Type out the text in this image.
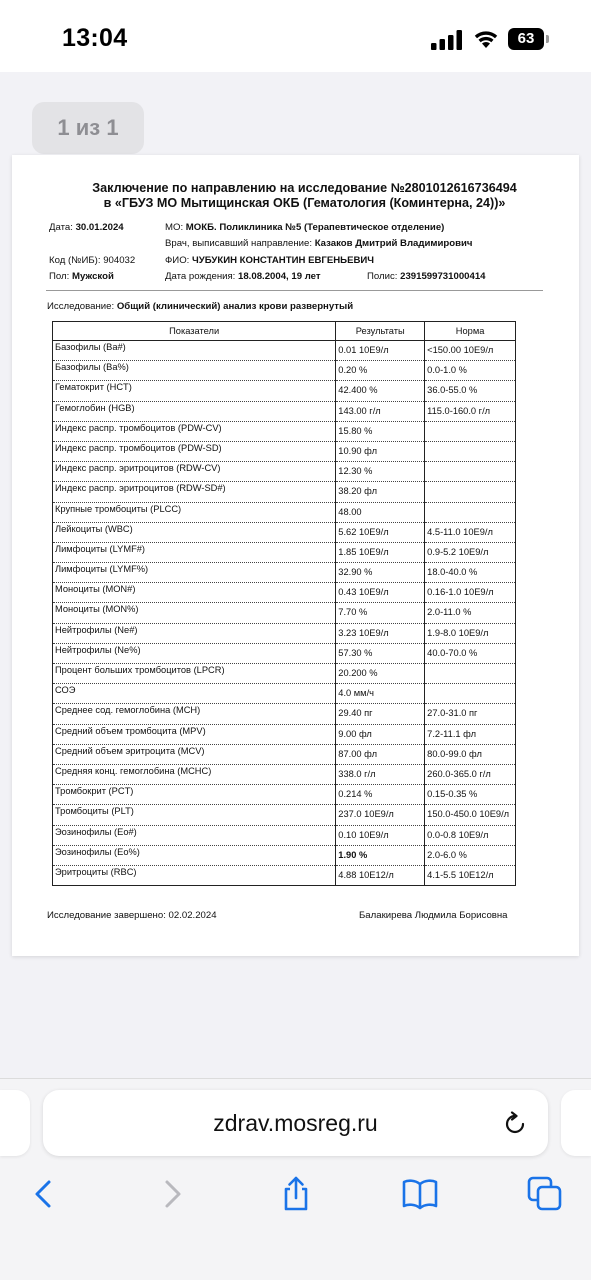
13:04	63
1 из 1
Заключение по направлению на исследование №2801012616736494
в «ГБУЗ МО Мытищинская ОКБ (Гематология (Коминтерна, 24))»
Дата: 30.01.2024	МО: МОКБ. Поликлиника №5 (Терапевтическое отделение)
Врач, выписавший направление: Казаков Дмитрий Владимирович
Код (№ИБ): 904032	ФИО: ЧУБУКИН КОНСТАНТИН ЕВГЕНЬЕВИЧ
Пол: Мужской	Дата рождения: 18.08.2004, 19 лет	Полис: 2391599731000414
Исследование: Общий (клинический) анализ крови развернутый
Показатели	Результаты	Норма
Базофилы (Ba#)	0.01 10E9/л	<150.00 10E9/л
Базофилы (Ba%)	0.20 %	0.0-1.0 %
Гематокрит (HCT)	42.400 %	36.0-55.0 %
Гемоглобин (HGB)	143.00 г/л	115.0-160.0 г/л
Индекс распр. тромбоцитов (PDW-CV)	15.80 %	
Индекс распр. тромбоцитов (PDW-SD)	10.90 фл	
Индекс распр. эритроцитов (RDW-CV)	12.30 %	
Индекс распр. эритроцитов (RDW-SD#)	38.20 фл	
Крупные тромбоциты (PLCC)	48.00	
Лейкоциты (WBC)	5.62 10E9/л	4.5-11.0 10E9/л
Лимфоциты (LYMF#)	1.85 10E9/л	0.9-5.2 10E9/л
Лимфоциты (LYMF%)	32.90 %	18.0-40.0 %
Моноциты (MON#)	0.43 10E9/л	0.16-1.0 10E9/л
Моноциты (MON%)	7.70 %	2.0-11.0 %
Нейтрофилы (Ne#)	3.23 10E9/л	1.9-8.0 10E9/л
Нейтрофилы (Ne%)	57.30 %	40.0-70.0 %
Процент больших тромбоцитов (LPCR)	20.200 %	
СОЭ	4.0 мм/ч	
Среднее сод. гемоглобина (MCH)	29.40 пг	27.0-31.0 пг
Средний объем тромбоцита (MPV)	9.00 фл	7.2-11.1 фл
Средний объем эритроцита (MCV)	87.00 фл	80.0-99.0 фл
Средняя конц. гемоглобина (MCHC)	338.0 г/л	260.0-365.0 г/л
Тромбокрит (PCT)	0.214 %	0.15-0.35 %
Тромбоциты (PLT)	237.0 10E9/л	150.0-450.0 10E9/л
Эозинофилы (Eo#)	0.10 10E9/л	0.0-0.8 10E9/л
Эозинофилы (Eo%)	1.90 %	2.0-6.0 %
Эритроциты (RBC)	4.88 10E12/л	4.1-5.5 10E12/л
Исследование завершено: 02.02.2024	Балакирева Людмила Борисовна
zdrav.mosreg.ru
